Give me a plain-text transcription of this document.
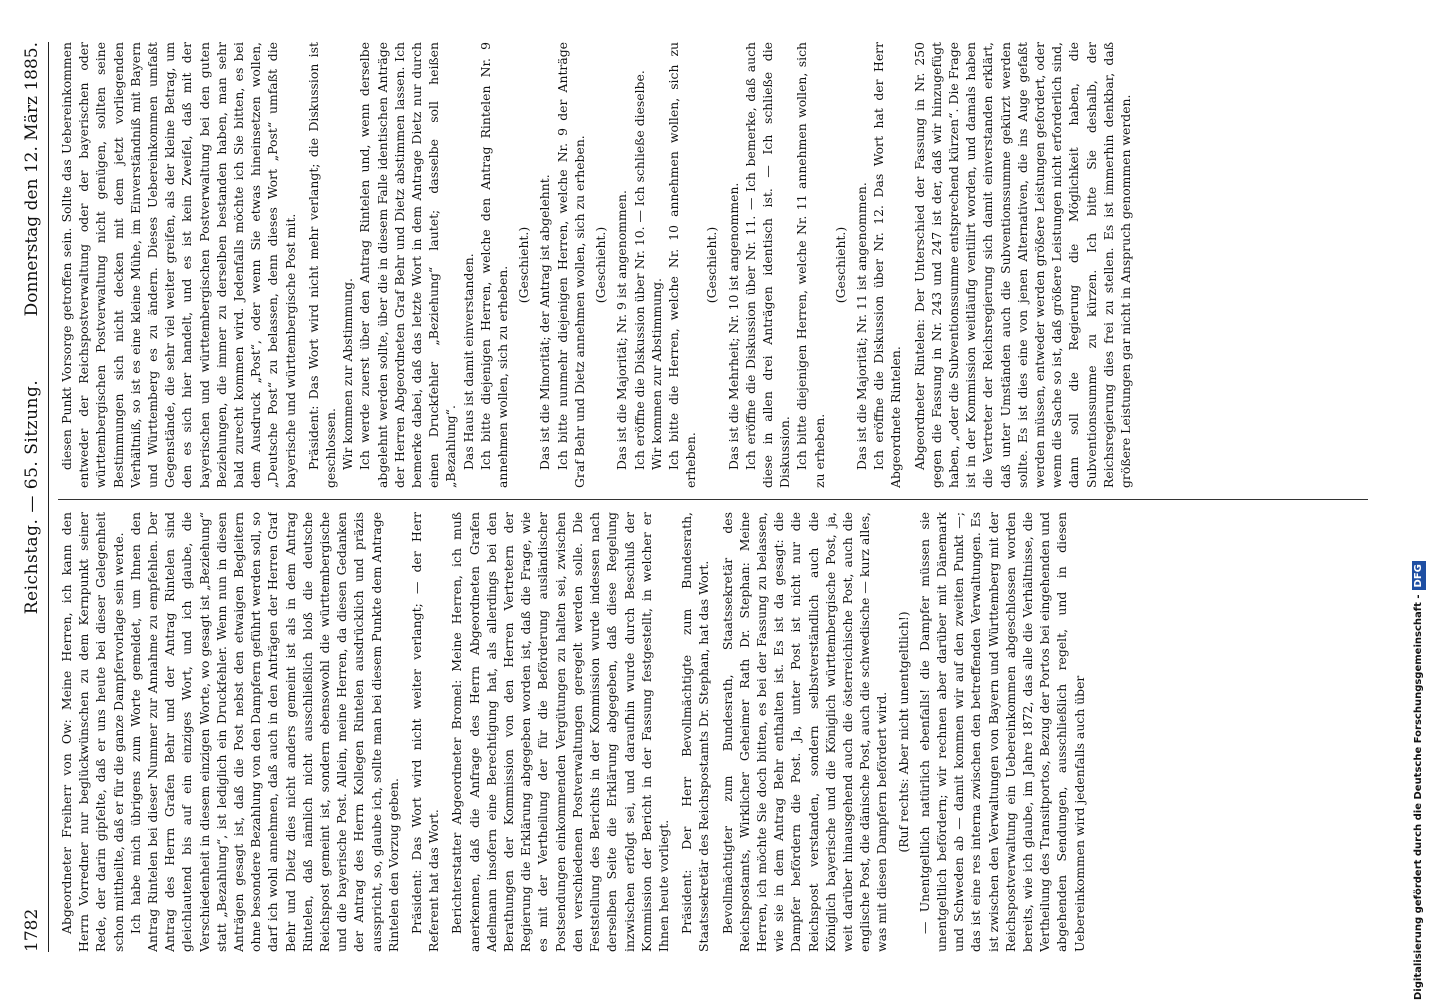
1782
Reichstag. — 65. Sitzung.
Donnerstag den 12. März 1885.

Abgeordneter Freiherr von Ow: Meine Herren, ich kann den Herrn Vorredner nur beglückwünschen zu dem Kernpunkt seiner Rede, der darin gipfelte, daß er uns heute bei dieser Gelegenheit schon mittheilte, daß er für die ganze Dampfervorlage sein werde. Ich habe mich übrigens zum Worte gemeldet, um Ihnen den Antrag Rintelen bei dieser Nummer zur Annahme zu empfehlen. Der Antrag des Herrn Grafen Behr und der Antrag Rintelen sind gleichlautend bis auf ein einziges Wort, und ich glaube, die Verschiedenheit in diesem einzigen Worte, wo gesagt ist „Beziehung“ statt „Bezahlung“, ist lediglich ein Druckfehler. Wenn nun in diesen Anträgen gesagt ist, daß die Post nebst den etwaigen Begleitern ohne besondere Bezahlung von den Dampfern geführt werden soll, so darf ich wohl annehmen, daß auch in den Anträgen der Herren Graf Behr und Dietz dies nicht anders gemeint ist als in dem Antrag Rintelen, daß nämlich nicht ausschließlich bloß die deutsche Reichspost gemeint ist, sondern ebensowohl die württembergische und die bayerische Post. Allein, meine Herren, da diesen Gedanken der Antrag des Herrn Kollegen Rintelen ausdrücklich und präzis ausspricht, so, glaube ich, sollte man bei diesem Punkte dem Antrage Rintelen den Vorzug geben. Präsident: Das Wort wird nicht weiter verlangt; — der Herr Referent hat das Wort. Berichterstatter Abgeordneter Bromel: Meine Herren, ich muß anerkennen, daß die Anfrage des Herrn Abgeordneten Grafen Adelmann insofern eine Berechtigung hat, als allerdings bei den Berathungen der Kommission von den Herren Vertretern der Regierung die Erklärung abgegeben worden ist, daß die Frage, wie es mit der Vertheilung der für die Beförderung ausländischer Postsendungen einkommenden Vergütungen zu halten sei, zwischen den verschiedenen Postverwaltungen geregelt werden solle. Die Feststellung des Berichts in der Kommission wurde indessen nach derselben Seite die Erklärung abgegeben, daß diese Regelung inzwischen erfolgt sei, und daraufhin wurde durch Beschluß der Kommission der Bericht in der Fassung festgestellt, in welcher er Ihnen heute vorliegt. Präsident: Der Herr Bevollmächtigte zum Bundesrath, Staatssekretär des Reichspostamts Dr. Stephan, hat das Wort. Bevollmächtigter zum Bundesrath, Staatssekretär des Reichspostamts, Wirklicher Geheimer Rath Dr. Stephan: Meine Herren, ich möchte Sie doch bitten, es bei der Fassung zu belassen, wie sie in dem Antrag Behr enthalten ist. Es ist da gesagt: die Dampfer befördern die Post. Ja, unter Post ist nicht nur die Reichspost verstanden, sondern selbstverständlich auch die Königlich bayerische und die Königlich württembergische Post, ja, weit darüber hinausgehend auch die österreichische Post, auch die englische Post, die dänische Post, auch die schwedische — kurz alles, was mit diesen Dampfern befördert wird. (Ruf rechts: Aber nicht unentgeltlich!) — Unentgeltlich natürlich ebenfalls! die Dampfer müssen sie unentgeltlich befördern; wir rechnen aber darüber mit Dänemark und Schweden ab — damit kommen wir auf den zweiten Punkt —; das ist eine res interna zwischen den betreffenden Verwaltungen. Es ist zwischen den Verwaltungen von Bayern und Württemberg mit der Reichspostverwaltung ein Uebereinkommen abgeschlossen worden bereits, wie ich glaube, im Jahre 1872, das alle die Verhältnisse, die Vertheilung des Transitportos, Bezug der Portos bei eingehenden und abgehenden Sendungen, ausschließlich regelt, und in diesen Uebereinkommen wird jedenfalls auch über

diesen Punkt Vorsorge getroffen sein. Sollte das Uebereinkommen entweder der Reichspostverwaltung oder der bayerischen oder württembergischen Postverwaltung nicht genügen, sollten seine Bestimmungen sich nicht decken mit dem jetzt vorliegenden Verhältniß, so ist es eine kleine Mühe, im Einverständniß mit Bayern und Württemberg es zu ändern. Dieses Uebereinkommen umfaßt Gegenstände, die sehr viel weiter greifen, als der kleine Betrag, um den es sich hier handelt, und es ist kein Zweifel, daß mit der bayerischen und württembergischen Postverwaltung bei den guten Beziehungen, die immer zu derselben bestanden haben, man sehr bald zurecht kommen wird. Jedenfalls möchte ich Sie bitten, es bei dem Ausdruck „Post“, oder wenn Sie etwas hineinsetzen wollen, „Deutsche Post“ zu belassen, denn dieses Wort „Post“ umfaßt die bayerische und württembergische Post mit. Präsident: Das Wort wird nicht mehr verlangt; die Diskussion ist geschlossen. Wir kommen zur Abstimmung. Ich werde zuerst über den Antrag Rintelen und, wenn derselbe abgelehnt werden sollte, über die in diesem Falle identischen Anträge der Herren Abgeordneten Graf Behr und Dietz abstimmen lassen. Ich bemerke dabei, daß das letzte Wort in dem Antrage Dietz nur durch einen Druckfehler „Beziehung“ lautet; dasselbe soll heißen „Bezahlung“. Das Haus ist damit einverstanden. Ich bitte diejenigen Herren, welche den Antrag Rintelen Nr. 9 annehmen wollen, sich zu erheben.

(Geschieht.) Das ist die Minorität; der Antrag ist abgelehnt. Ich bitte nunmehr diejenigen Herren, welche Nr. 9 der Anträge Graf Behr und Dietz annehmen wollen, sich zu erheben. (Geschieht.) Das ist die Majorität; Nr. 9 ist angenommen. Ich eröffne die Diskussion über Nr. 10. — Ich schließe dieselbe. Wir kommen zur Abstimmung. Ich bitte die Herren, welche Nr. 10 annehmen wollen, sich zu erheben.

(Geschieht.) Das ist die Mehrheit; Nr. 10 ist angenommen. Ich eröffne die Diskussion über Nr. 11. — Ich bemerke, daß auch diese in allen drei Anträgen identisch ist. — Ich schließe die Diskussion. Ich bitte diejenigen Herren, welche Nr. 11 annehmen wollen, sich zu erheben.

(Geschieht.) Das ist die Majorität; Nr. 11 ist angenommen. Ich eröffne die Diskussion über Nr. 12. Das Wort hat der Herr Abgeordnete Rintelen. Abgeordneter Rintelen: Der Unterschied der Fassung in Nr. 250 gegen die Fassung in Nr. 243 und 247 ist der, daß wir hinzugefügt haben, „oder die Subventionssumme entsprechend kürzen“. Die Frage ist in der Kommission weitläufig ventilirt worden, und damals haben die Vertreter der Reichsregierung sich damit einverstanden erklärt, daß unter Umständen auch die Subventionssumme gekürzt werden sollte. Es ist dies eine von jenen Alternativen, die ins Auge gefaßt werden müssen, entweder werden größere Leistungen gefordert, oder wenn die Sache so ist, daß größere Leistungen nicht erforderlich sind, dann soll die Regierung die Möglichkeit haben, die Subventionssumme zu kürzen. Ich bitte Sie deshalb, der Reichsregierung dies frei zu stellen. Es ist immerhin denkbar, daß größere Leistungen gar nicht in Anspruch genommen werden.

Digitalisierung gefördert durch die Deutsche Forschungsgemeinschaft -DFG
